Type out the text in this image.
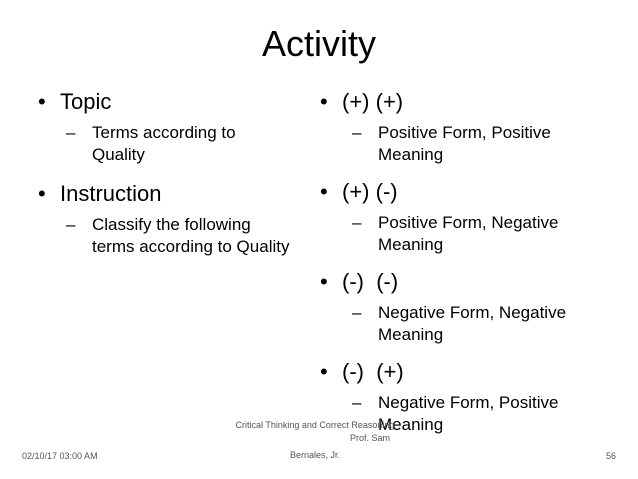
Activity
• Topic
– Terms according to Quality
• Instruction
– Classify the following terms according to Quality
• (+) (+)
– Positive Form, Positive Meaning
• (+) (-)
– Positive Form, Negative Meaning
• (-)  (-)
– Negative Form, Negative Meaning
• (-)  (+)
– Negative Form, Positive Meaning
02/10/17 03:00 AM
Critical Thinking and Correct Reasoning
Prof. Sam
Bernales, Jr.	56
